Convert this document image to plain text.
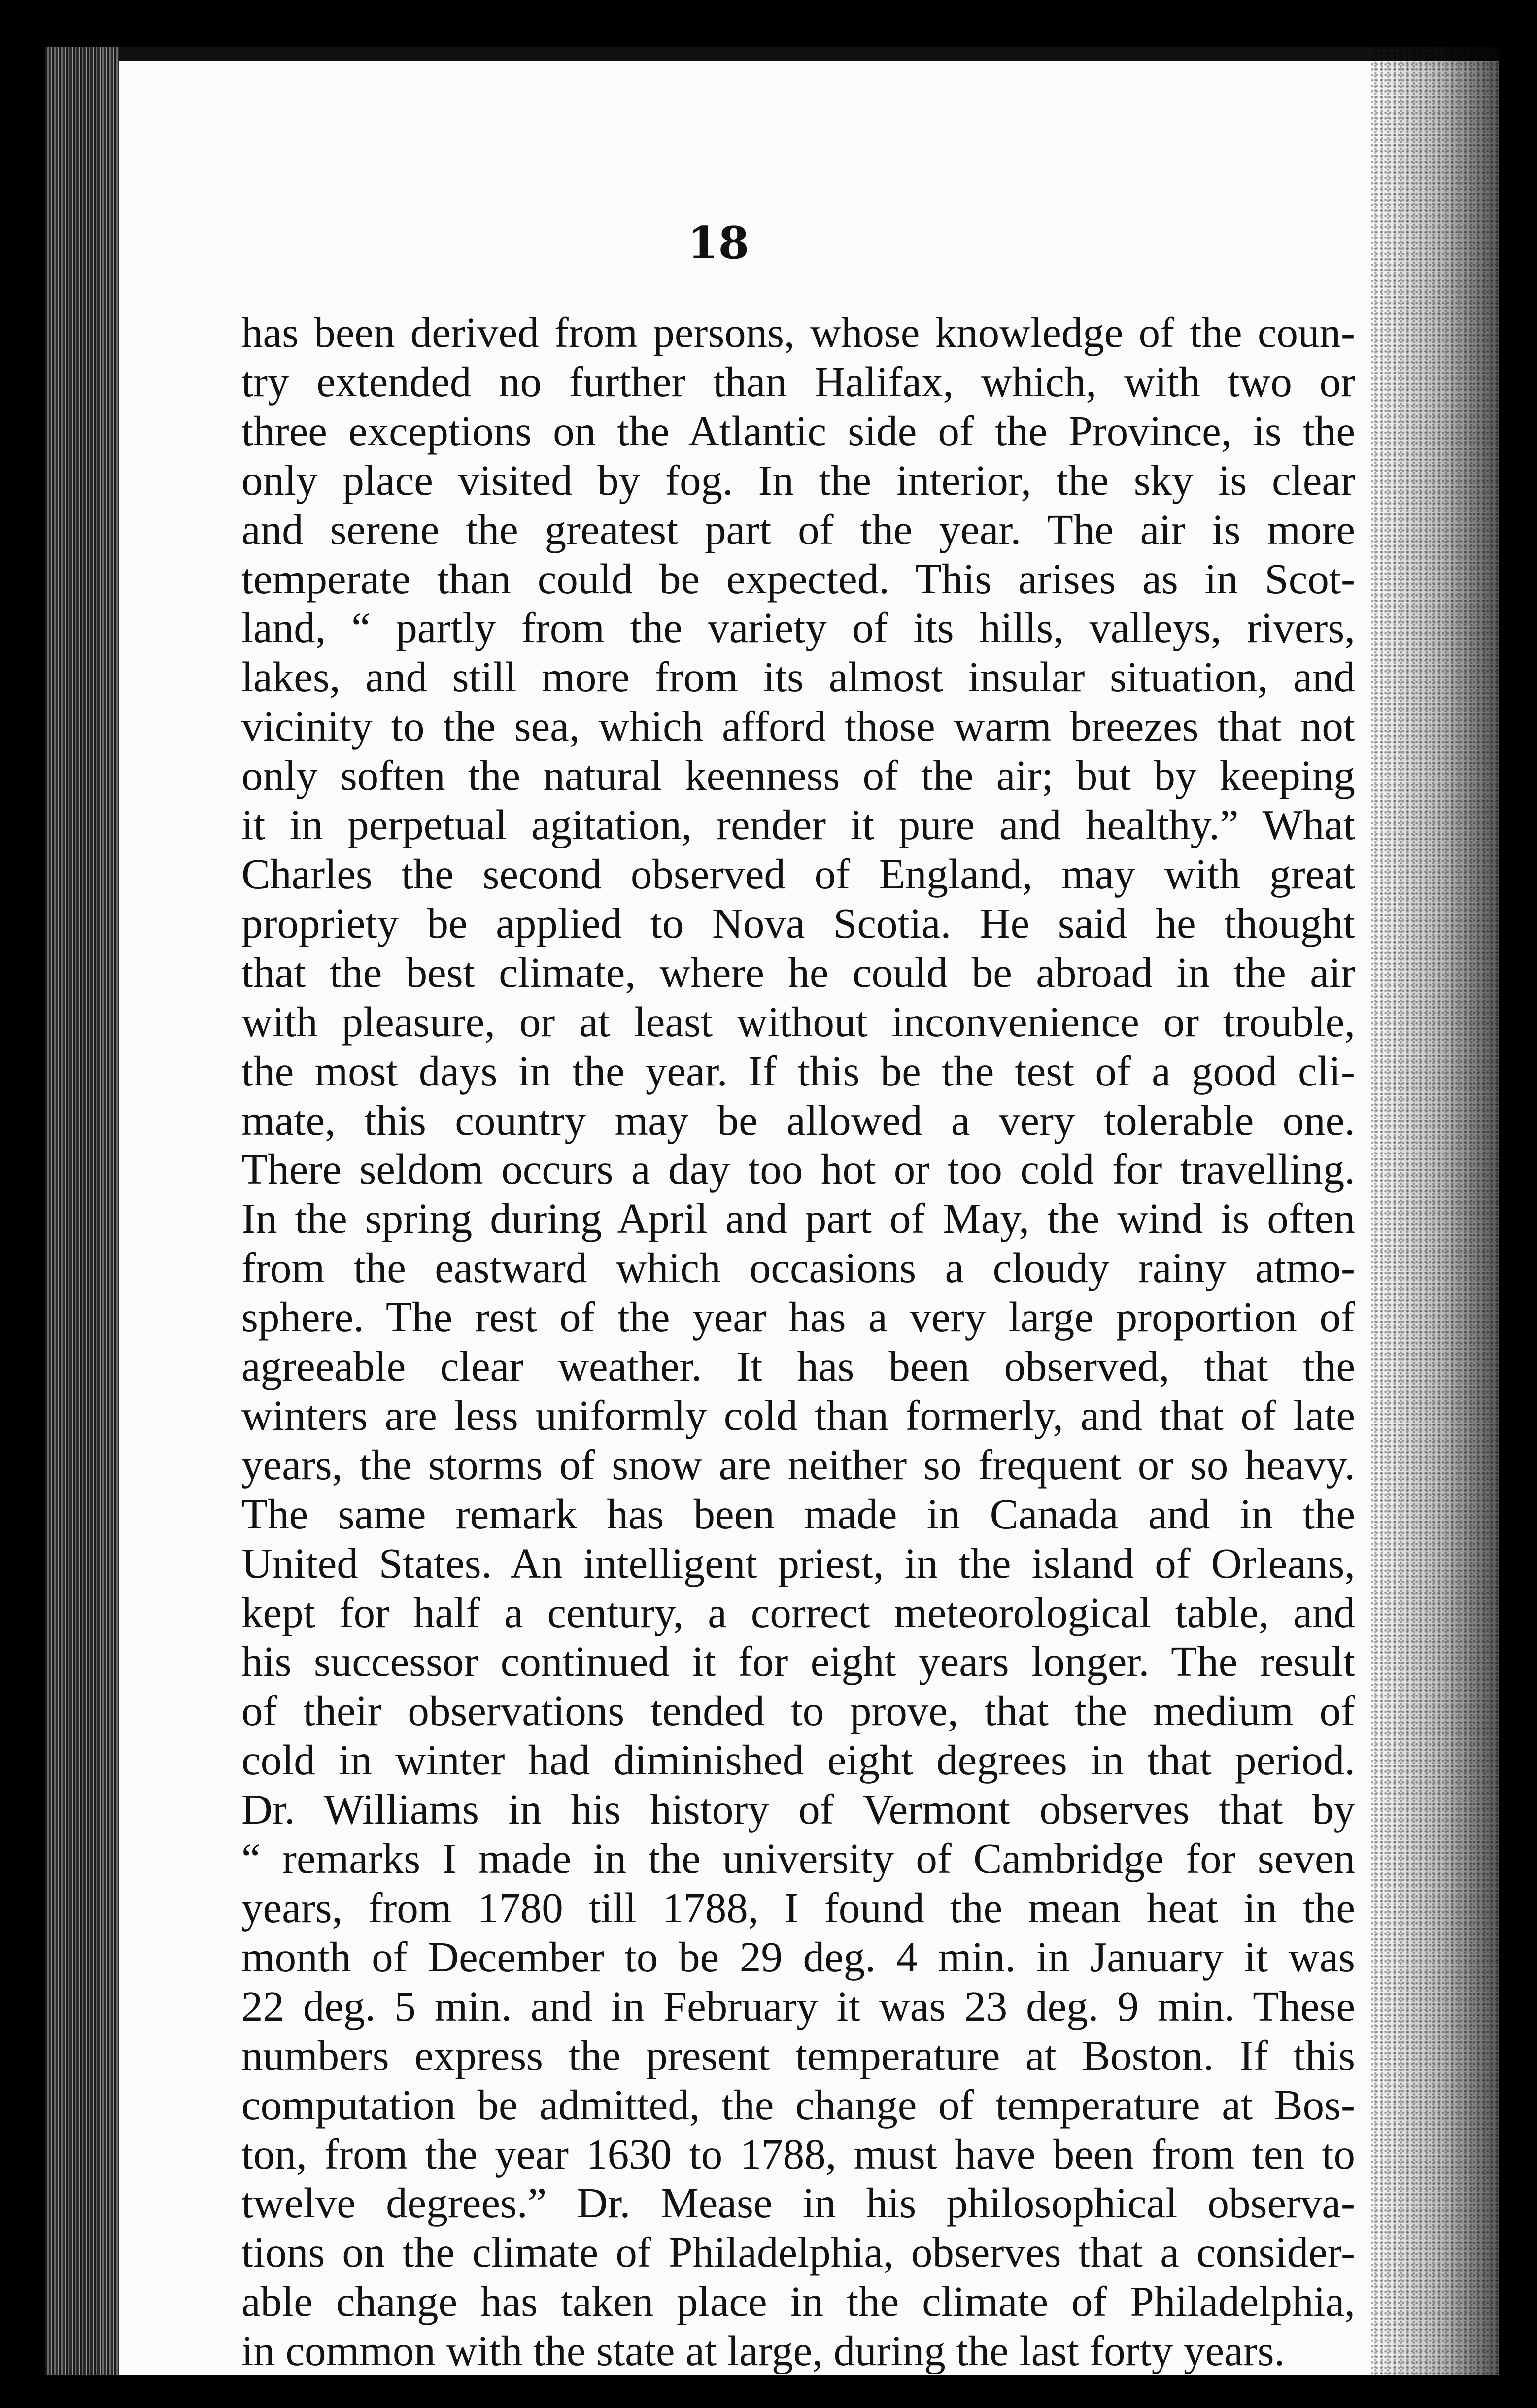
18

has been derived from persons, whose knowledge of the coun-
try extended no further than Halifax, which, with two or
three exceptions on the Atlantic side of the Province, is the
only place visited by fog. In the interior, the sky is clear
and serene the greatest part of the year. The air is more
temperate than could be expected. This arises as in Scot-
land, “ partly from the variety of its hills, valleys, rivers,
lakes, and still more from its almost insular situation, and
vicinity to the sea, which afford those warm breezes that not
only soften the natural keenness of the air; but by keeping
it in perpetual agitation, render it pure and healthy.” What
Charles the second observed of England, may with great
propriety be applied to Nova Scotia. He said he thought
that the best climate, where he could be abroad in the air
with pleasure, or at least without inconvenience or trouble,
the most days in the year. If this be the test of a good cli-
mate, this country may be allowed a very tolerable one.
There seldom occurs a day too hot or too cold for travelling.
In the spring during April and part of May, the wind is often
from the eastward which occasions a cloudy rainy atmo-
sphere. The rest of the year has a very large proportion of
agreeable clear weather. It has been observed, that the
winters are less uniformly cold than formerly, and that of late
years, the storms of snow are neither so frequent or so heavy.
The same remark has been made in Canada and in the
United States. An intelligent priest, in the island of Orleans,
kept for half a century, a correct meteorological table, and
his successor continued it for eight years longer. The result
of their observations tended to prove, that the medium of
cold in winter had diminished eight degrees in that period.
Dr. Williams in his history of Vermont observes that by
“ remarks I made in the university of Cambridge for seven
years, from 1780 till 1788, I found the mean heat in the
month of December to be 29 deg. 4 min. in January it was
22 deg. 5 min. and in February it was 23 deg. 9 min. These
numbers express the present temperature at Boston. If this
computation be admitted, the change of temperature at Bos-
ton, from the year 1630 to 1788, must have been from ten to
twelve degrees.” Dr. Mease in his philosophical observa-
tions on the climate of Philadelphia, observes that a consider-
able change has taken place in the climate of Philadelphia,
in common with the state at large, during the last forty years.
